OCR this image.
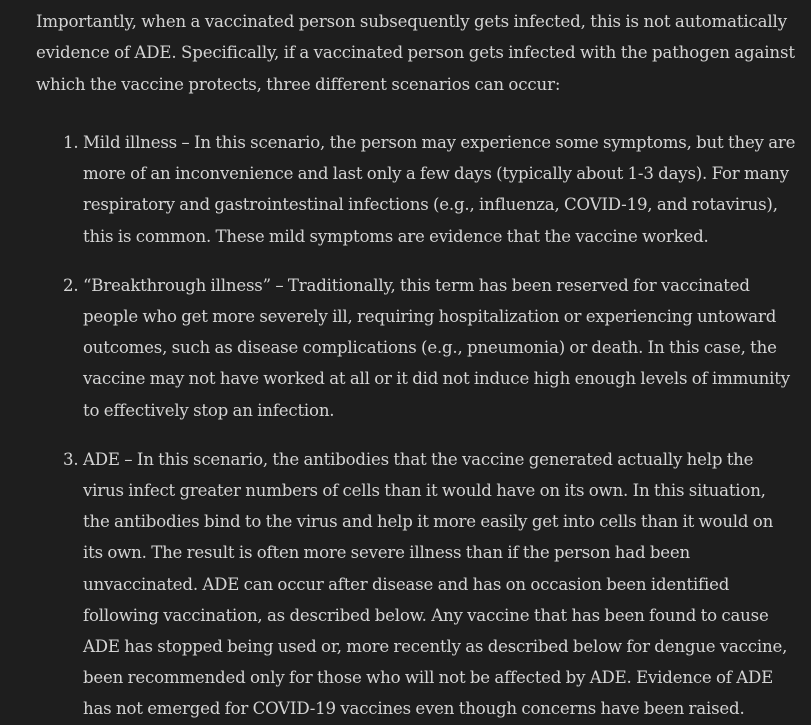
Importantly, when a vaccinated person subsequently gets infected, this is not automatically evidence of ADE. Specifically, if a vaccinated person gets infected with the pathogen against which the vaccine protects, three different scenarios can occur:

1. Mild illness – In this scenario, the person may experience some symptoms, but they are more of an inconvenience and last only a few days (typically about 1-3 days). For many respiratory and gastrointestinal infections (e.g., influenza, COVID-19, and rotavirus), this is common. These mild symptoms are evidence that the vaccine worked.
2. “Breakthrough illness” – Traditionally, this term has been reserved for vaccinated people who get more severely ill, requiring hospitalization or experiencing untoward outcomes, such as disease complications (e.g., pneumonia) or death. In this case, the vaccine may not have worked at all or it did not induce high enough levels of immunity to effectively stop an infection.
3. ADE – In this scenario, the antibodies that the vaccine generated actually help the virus infect greater numbers of cells than it would have on its own. In this situation, the antibodies bind to the virus and help it more easily get into cells than it would on its own. The result is often more severe illness than if the person had been unvaccinated. ADE can occur after disease and has on occasion been identified following vaccination, as described below. Any vaccine that has been found to cause ADE has stopped being used or, more recently as described below for dengue vaccine, been recommended only for those who will not be affected by ADE. Evidence of ADE has not emerged for COVID-19 vaccines even though concerns have been raised.
